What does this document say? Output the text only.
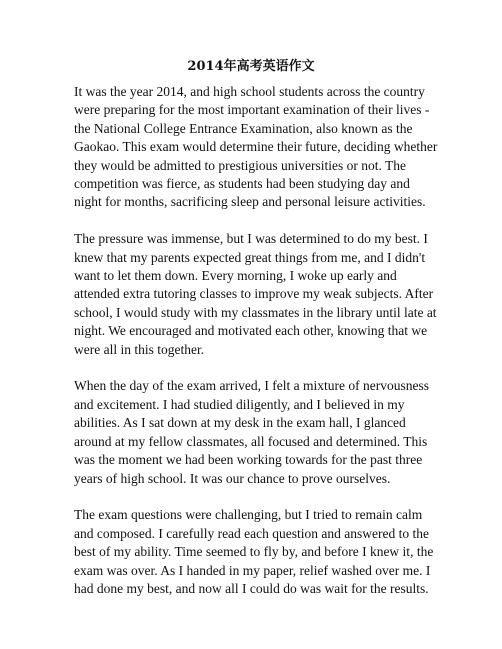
2014年高考英语作文

It was the year 2014, and high school students across the country were preparing for the most important examination of their lives - the National College Entrance Examination, also known as the Gaokao. This exam would determine their future, deciding whether they would be admitted to prestigious universities or not. The competition was fierce, as students had been studying day and night for months, sacrificing sleep and personal leisure activities.

The pressure was immense, but I was determined to do my best. I knew that my parents expected great things from me, and I didn't want to let them down. Every morning, I woke up early and attended extra tutoring classes to improve my weak subjects. After school, I would study with my classmates in the library until late at night. We encouraged and motivated each other, knowing that we were all in this together.

When the day of the exam arrived, I felt a mixture of nervousness and excitement. I had studied diligently, and I believed in my abilities. As I sat down at my desk in the exam hall, I glanced around at my fellow classmates, all focused and determined. This was the moment we had been working towards for the past three years of high school. It was our chance to prove ourselves.

The exam questions were challenging, but I tried to remain calm and composed. I carefully read each question and answered to the best of my ability. Time seemed to fly by, and before I knew it, the exam was over. As I handed in my paper, relief washed over me. I had done my best, and now all I could do was wait for the results.
